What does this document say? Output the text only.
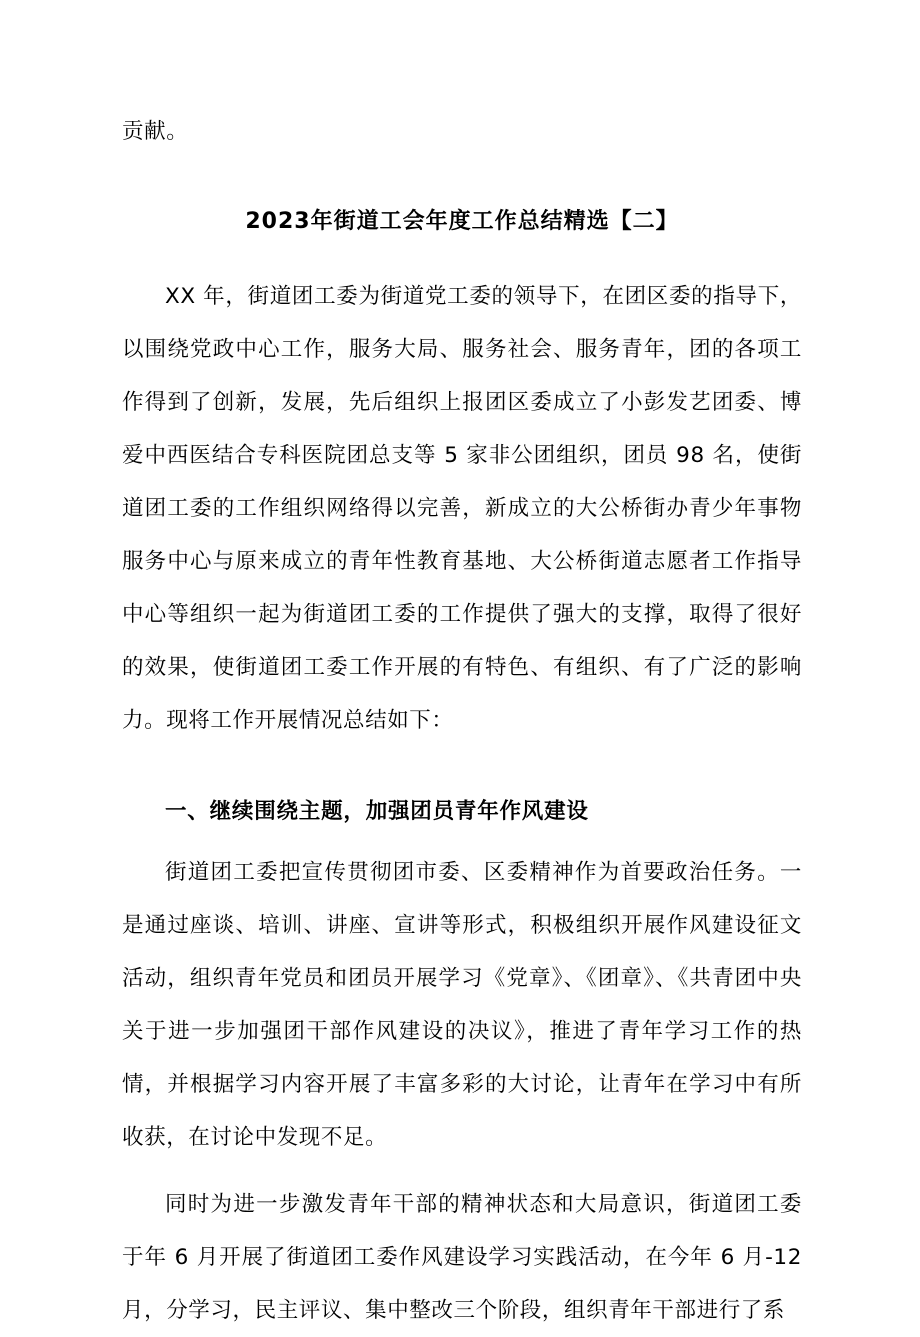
贡献。

2023年街道工会年度工作总结精选【二】

XX 年，街道团工委为街道党工委的领导下，在团区委的指导下，以围绕党政中心工作，服务大局、服务社会、服务青年，团的各项工作得到了创新，发展，先后组织上报团区委成立了小彭发艺团委、博爱中西医结合专科医院团总支等 5 家非公团组织，团员 98 名，使街道团工委的工作组织网络得以完善，新成立的大公桥街办青少年事物服务中心与原来成立的青年性教育基地、大公桥街道志愿者工作指导中心等组织一起为街道团工委的工作提供了强大的支撑，取得了很好的效果，使街道团工委工作开展的有特色、有组织、有了广泛的影响力。现将工作开展情况总结如下：

一、继续围绕主题，加强团员青年作风建设

街道团工委把宣传贯彻团市委、区委精神作为首要政治任务。一是通过座谈、培训、讲座、宣讲等形式，积极组织开展作风建设征文活动，组织青年党员和团员开展学习《党章》、《团章》、《共青团中央关于进一步加强团干部作风建设的决议》，推进了青年学习工作的热情，并根据学习内容开展了丰富多彩的大讨论，让青年在学习中有所收获，在讨论中发现不足。

同时为进一步激发青年干部的精神状态和大局意识，街道团工委于年 6 月开展了街道团工委作风建设学习实践活动，在今年 6 月-12 月，分学习，民主评议、集中整改三个阶段，组织青年干部进行了系
